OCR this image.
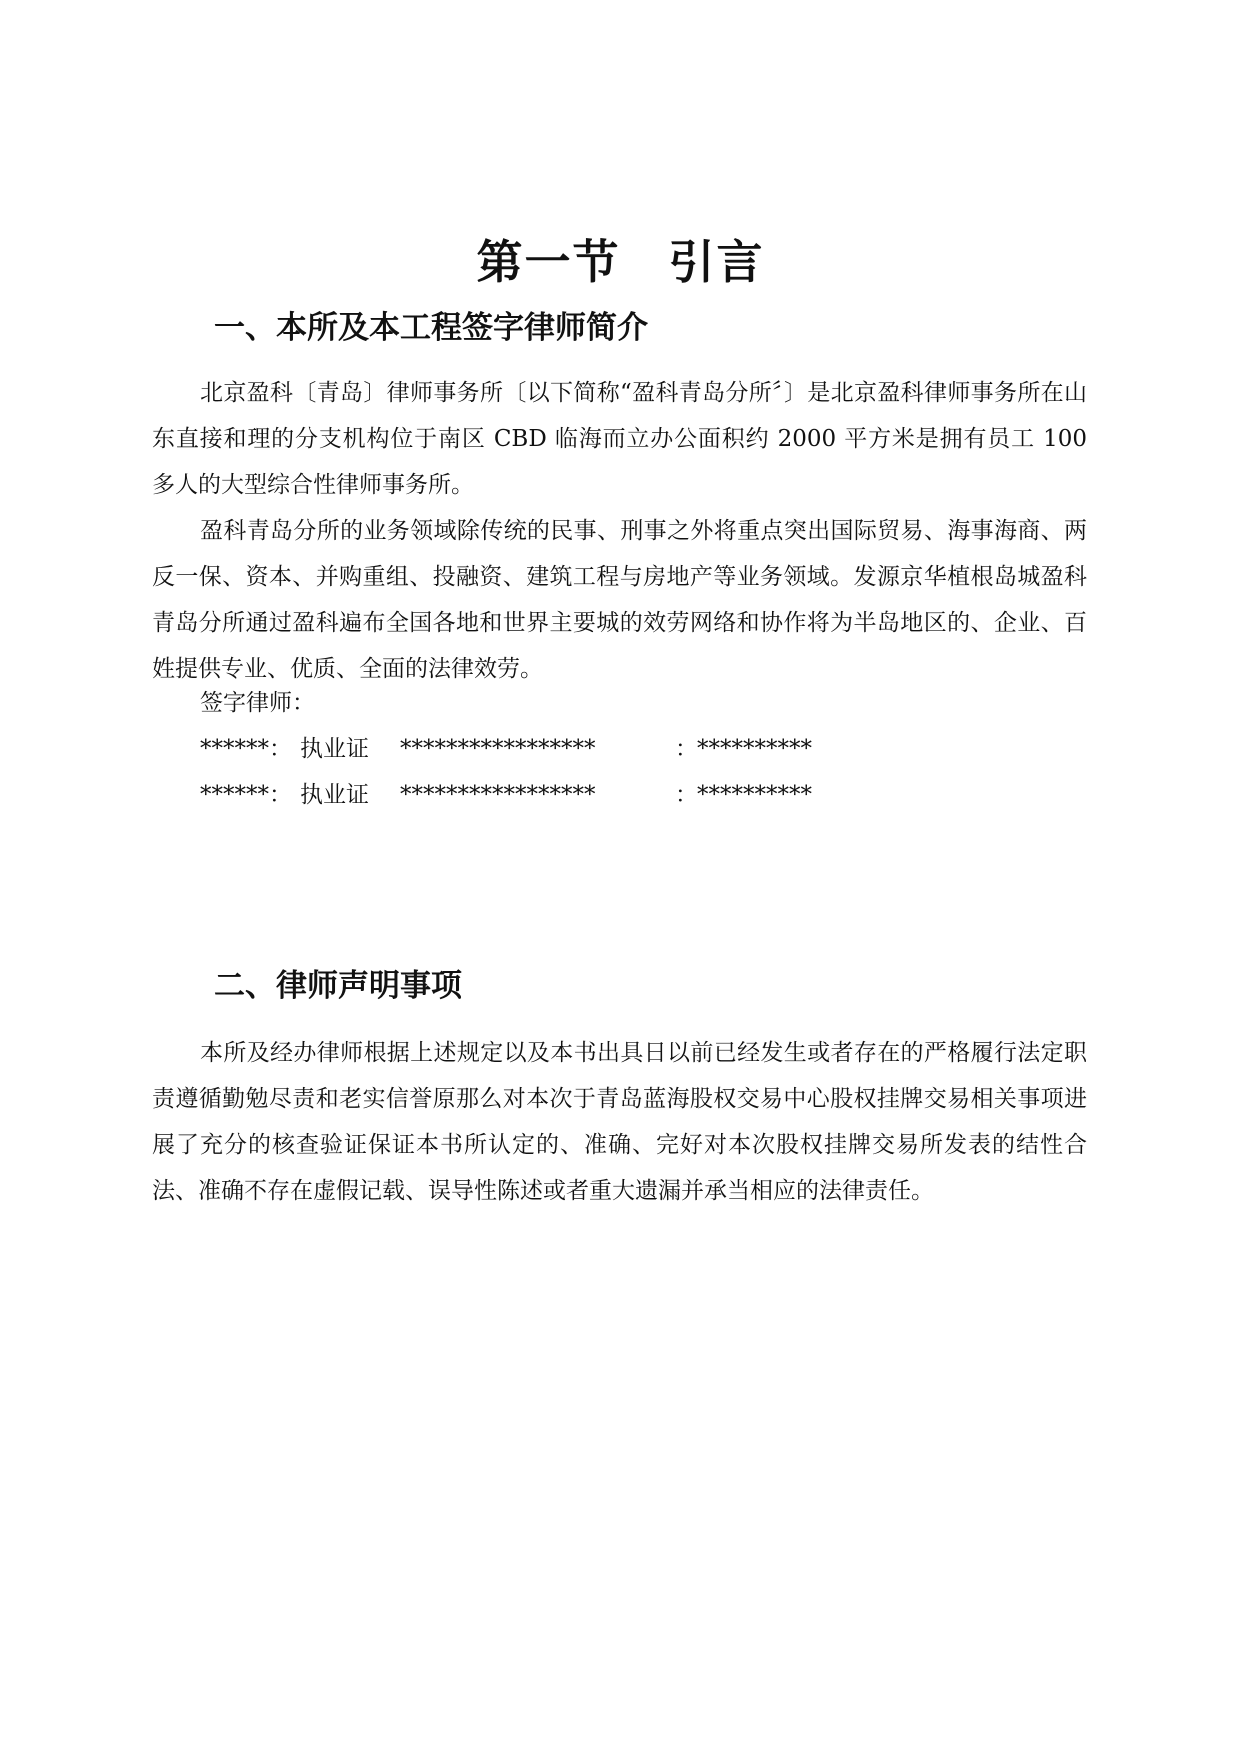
第一节 引言
一、本所及本工程签字律师简介
北京盈科〔青岛〕律师事务所〔以下简称“盈科青岛分所〞〕是北京盈科律师事务所在山东直接和理的分支机构位于南区 CBD 临海而立办公面积约 2000 平方米是拥有员工 100 多人的大型综合性律师事务所。
盈科青岛分所的业务领域除传统的民事、刑事之外将重点突出国际贸易、海事海商、两反一保、资本、并购重组、投融资、建筑工程与房地产等业务领域。发源京华植根岛城盈科青岛分所通过盈科遍布全国各地和世界主要城的效劳网络和协作将为半岛地区的、企业、百姓提供专业、优质、全面的法律效劳。
签字律师：
******： 执业证 *****************	：**********
******： 执业证 *****************	：**********
二、律师声明事项
本所及经办律师根据上述规定以及本书出具日以前已经发生或者存在的严格履行法定职责遵循勤勉尽责和老实信誉原那么对本次于青岛蓝海股权交易中心股权挂牌交易相关事项进展了充分的核查验证保证本书所认定的、准确、完好对本次股权挂牌交易所发表的结性合法、准确不存在虚假记载、误导性陈述或者重大遗漏并承当相应的法律责任。
